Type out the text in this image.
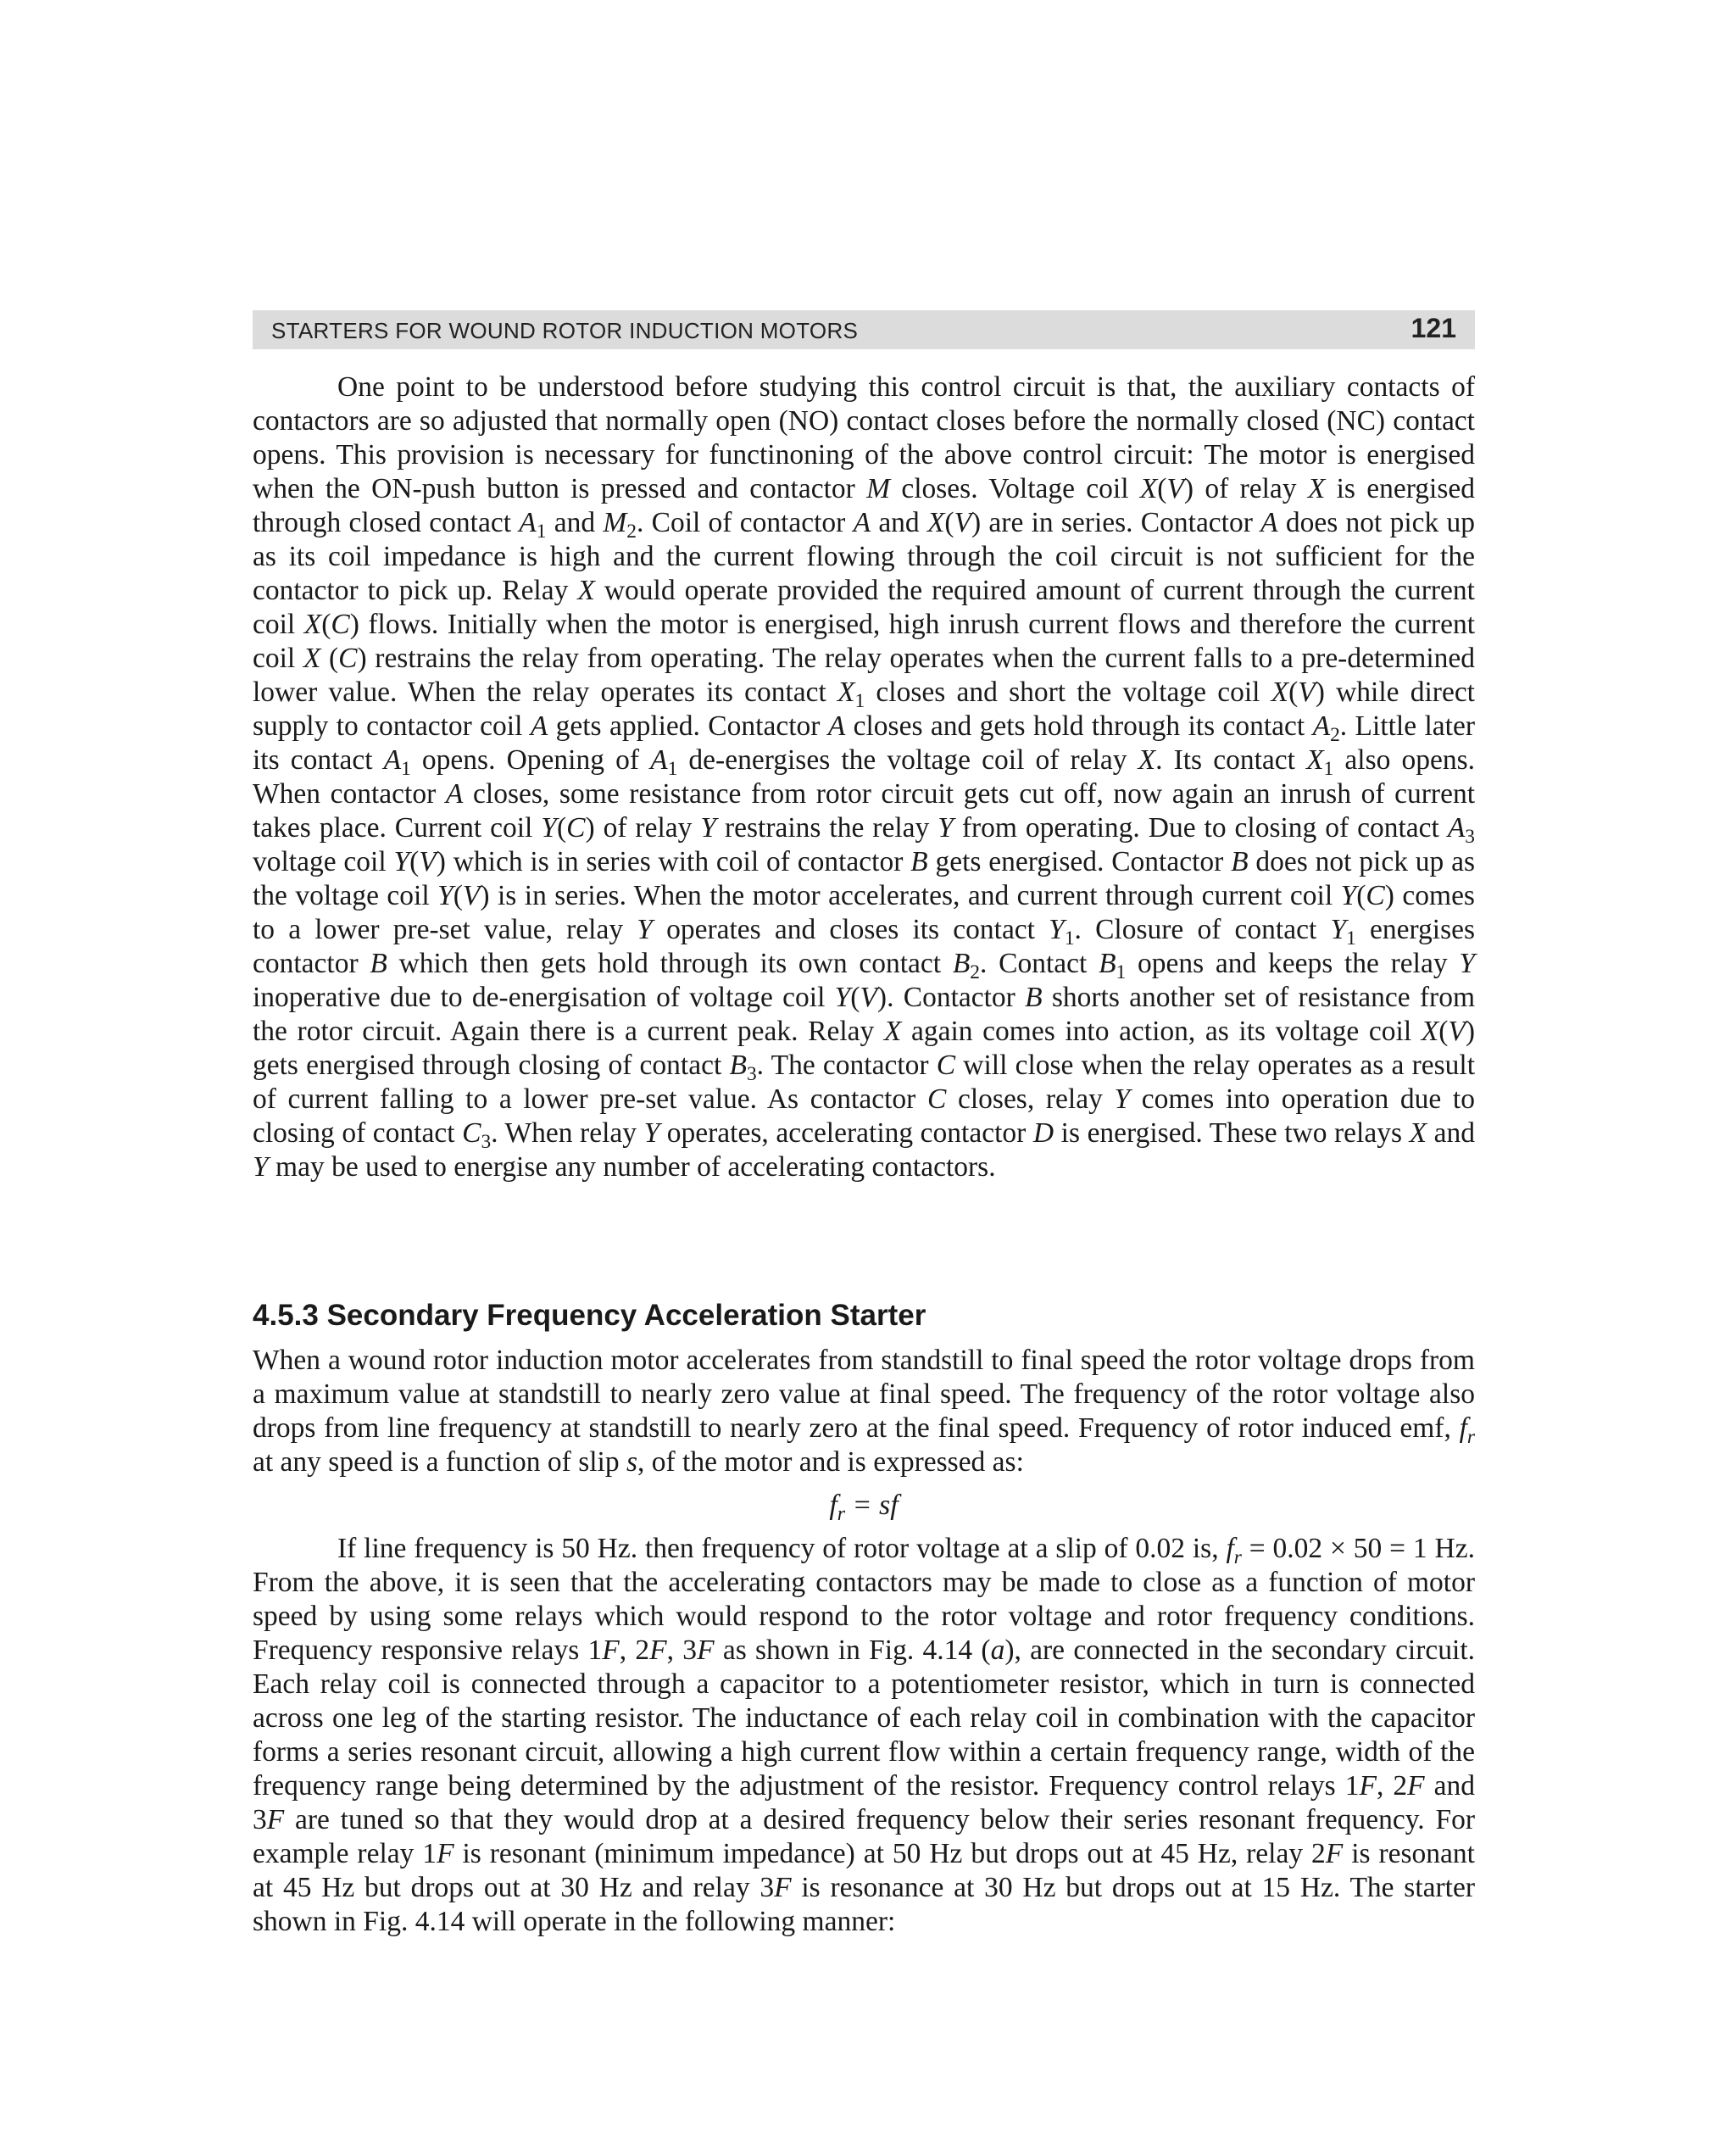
STARTERS FOR WOUND ROTOR INDUCTION MOTORS	121

One point to be understood before studying this control circuit is that, the auxiliary contacts of contactors are so adjusted that normally open (NO) contact closes before the normally closed (NC) contact opens. This provision is necessary for functinoning of the above control circuit: The motor is energised when the ON-push button is pressed and contactor M closes. Voltage coil X(V) of relay X is energised through closed contact $A_1$ and $M_2$. Coil of contactor A and X(V) are in series. Contactor A does not pick up as its coil impedance is high and the current flowing through the coil circuit is not sufficient for the contactor to pick up. Relay X would operate provided the required amount of current through the current coil X(C) flows. Initially when the motor is energised, high inrush current flows and therefore the current coil X (C) restrains the relay from operating. The relay operates when the current falls to a pre-determined lower value. When the relay operates its contact $X_1$ closes and short the voltage coil X(V) while direct supply to contactor coil A gets applied. Contactor A closes and gets hold through its contact $A_2$. Little later its contact $A_1$ opens. Opening of $A_1$ de-energises the voltage coil of relay X. Its contact $X_1$ also opens. When contactor A closes, some resistance from rotor circuit gets cut off, now again an inrush of current takes place. Current coil Y(C) of relay Y restrains the relay Y from operating. Due to closing of contact $A_3$ voltage coil Y(V) which is in series with coil of contactor B gets energised. Contactor B does not pick up as the voltage coil Y(V) is in series. When the motor accelerates, and current through current coil Y(C) comes to a lower pre-set value, relay Y operates and closes its contact $Y_1$. Closure of contact $Y_1$ energises contactor B which then gets hold through its own contact $B_2$. Contact $B_1$ opens and keeps the relay Y inoperative due to de-energisation of voltage coil Y(V). Contactor B shorts another set of resistance from the rotor circuit. Again there is a current peak. Relay X again comes into action, as its voltage coil X(V) gets energised through closing of contact $B_3$. The contactor C will close when the relay operates as a result of current falling to a lower pre-set value. As contactor C closes, relay Y comes into operation due to closing of contact $C_3$. When relay Y operates, accelerating contactor D is energised. These two relays X and Y may be used to energise any number of accelerating contactors.

4.5.3 Secondary Frequency Acceleration Starter

When a wound rotor induction motor accelerates from standstill to final speed the rotor voltage drops from a maximum value at standstill to nearly zero value at final speed. The frequency of the rotor voltage also drops from line frequency at standstill to nearly zero at the final speed. Frequency of rotor induced emf, $f_r$ at any speed is a function of slip s, of the motor and is expressed as:

$f_r$ = sf

If line frequency is 50 Hz. then frequency of rotor voltage at a slip of 0.02 is, $f_r = 0.02 \times 50 = 1$ Hz. From the above, it is seen that the accelerating contactors may be made to close as a function of motor speed by using some relays which would respond to the rotor voltage and rotor frequency conditions. Frequency responsive relays 1F, 2F, 3F as shown in Fig. 4.14 (a), are connected in the secondary circuit. Each relay coil is connected through a capacitor to a potentiometer resistor, which in turn is connected across one leg of the starting resistor. The inductance of each relay coil in combination with the capacitor forms a series resonant circuit, allowing a high current flow within a certain frequency range, width of the frequency range being determined by the adjustment of the resistor. Frequency control relays 1F, 2F and 3F are tuned so that they would drop at a desired frequency below their series resonant frequency. For example relay 1F is resonant (minimum impedance) at 50 Hz but drops out at 45 Hz, relay 2F is resonant at 45 Hz but drops out at 30 Hz and relay 3F is resonance at 30 Hz but drops out at 15 Hz. The starter shown in Fig. 4.14 will operate in the following manner:
